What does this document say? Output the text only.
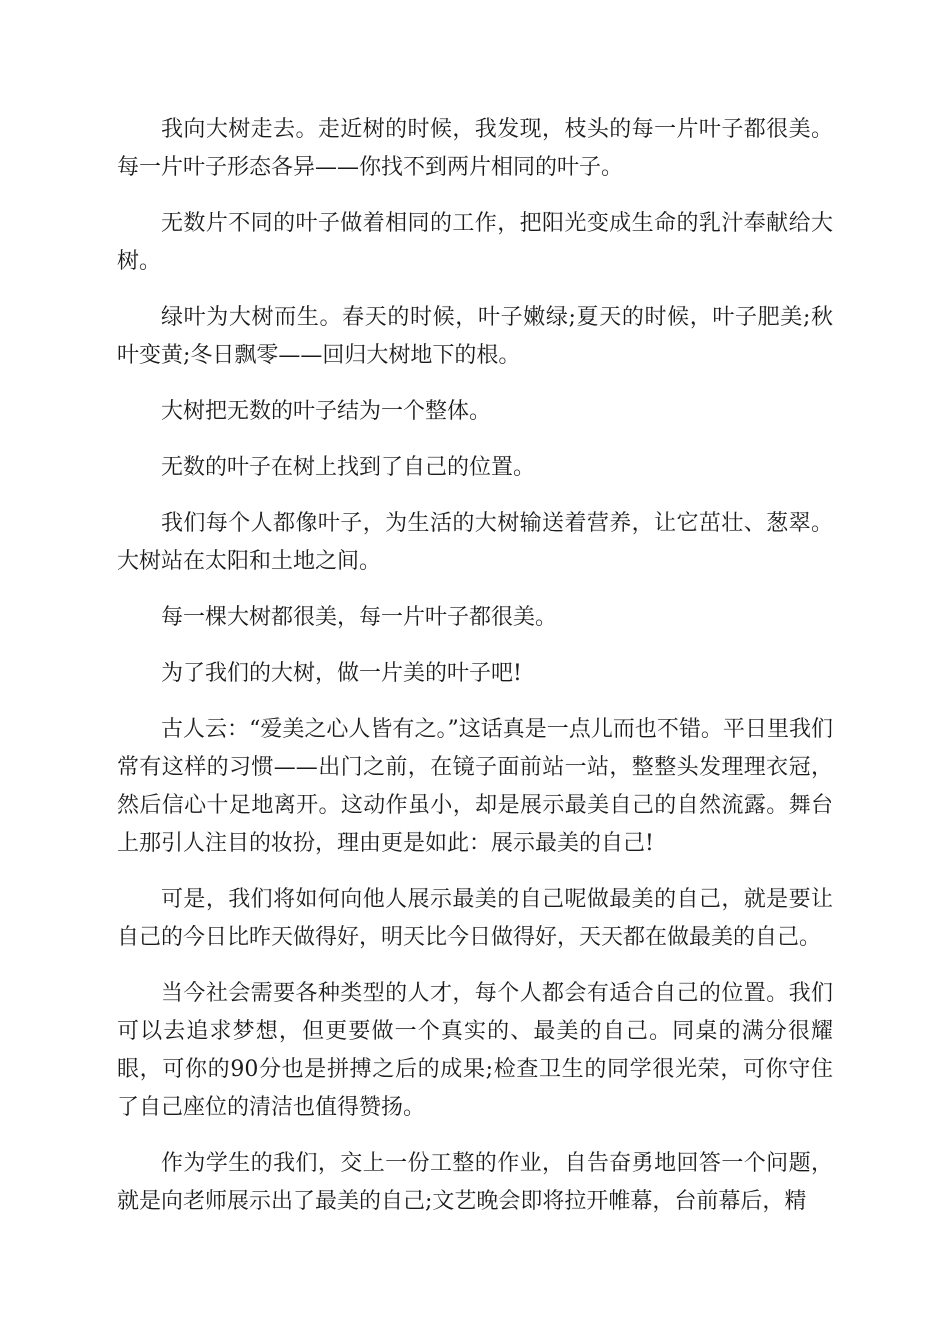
我向大树走去。走近树的时候，我发现，枝头的每一片叶子都很美。每一片叶子形态各异——你找不到两片相同的叶子。

无数片不同的叶子做着相同的工作，把阳光变成生命的乳汁奉献给大树。

绿叶为大树而生。春天的时候，叶子嫩绿;夏天的时候，叶子肥美;秋叶变黄;冬日飘零——回归大树地下的根。

大树把无数的叶子结为一个整体。

无数的叶子在树上找到了自己的位置。

我们每个人都像叶子，为生活的大树输送着营养，让它茁壮、葱翠。大树站在太阳和土地之间。

每一棵大树都很美，每一片叶子都很美。

为了我们的大树，做一片美的叶子吧!

古人云：“爱美之心人皆有之。”这话真是一点儿而也不错。平日里我们常有这样的习惯——出门之前，在镜子面前站一站，整整头发理理衣冠，然后信心十足地离开。这动作虽小，却是展示最美自己的自然流露。舞台上那引人注目的妆扮，理由更是如此：展示最美的自己!

可是，我们将如何向他人展示最美的自己呢做最美的自己，就是要让自己的今日比昨天做得好，明天比今日做得好，天天都在做最美的自己。

当今社会需要各种类型的人才，每个人都会有适合自己的位置。我们可以去追求梦想，但更要做一个真实的、最美的自己。同桌的满分很耀眼，可你的90分也是拼搏之后的成果;检查卫生的同学很光荣，可你守住了自己座位的清洁也值得赞扬。

作为学生的我们，交上一份工整的作业，自告奋勇地回答一个问题，就是向老师展示出了最美的自己;文艺晚会即将拉开帷幕，台前幕后，精
